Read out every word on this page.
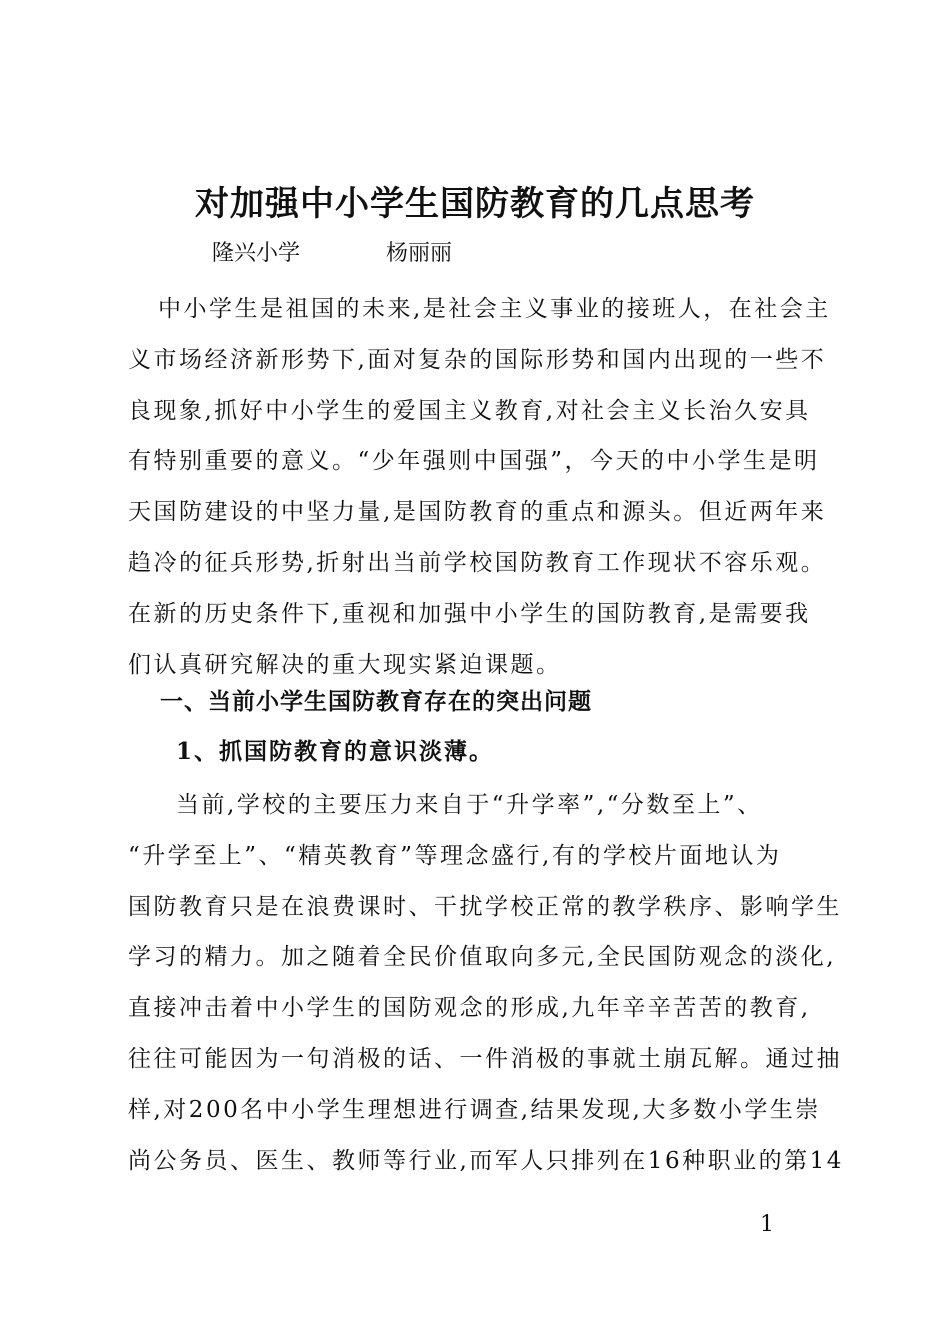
对加强中小学生国防教育的几点思考
隆兴小学	杨丽丽
中小学生是祖国的未来,是社会主义事业的接班人，在社会主
义市场经济新形势下,面对复杂的国际形势和国内出现的一些不
良现象,抓好中小学生的爱国主义教育,对社会主义长治久安具
有特别重要的意义。“少年强则中国强”，今天的中小学生是明
天国防建设的中坚力量,是国防教育的重点和源头。但近两年来
趋冷的征兵形势,折射出当前学校国防教育工作现状不容乐观。
在新的历史条件下,重视和加强中小学生的国防教育,是需要我
们认真研究解决的重大现实紧迫课题。
一、当前小学生国防教育存在的突出问题
1、抓国防教育的意识淡薄。
当前,学校的主要压力来自于“升学率”,“分数至上”、
“升学至上”、“精英教育”等理念盛行,有的学校片面地认为
国防教育只是在浪费课时、干扰学校正常的教学秩序、影响学生
学习的精力。加之随着全民价值取向多元,全民国防观念的淡化,
直接冲击着中小学生的国防观念的形成,九年辛辛苦苦的教育,
往往可能因为一句消极的话、一件消极的事就土崩瓦解。通过抽
样,对200名中小学生理想进行调查,结果发现,大多数小学生崇
尚公务员、医生、教师等行业,而军人只排列在16种职业的第14
1
